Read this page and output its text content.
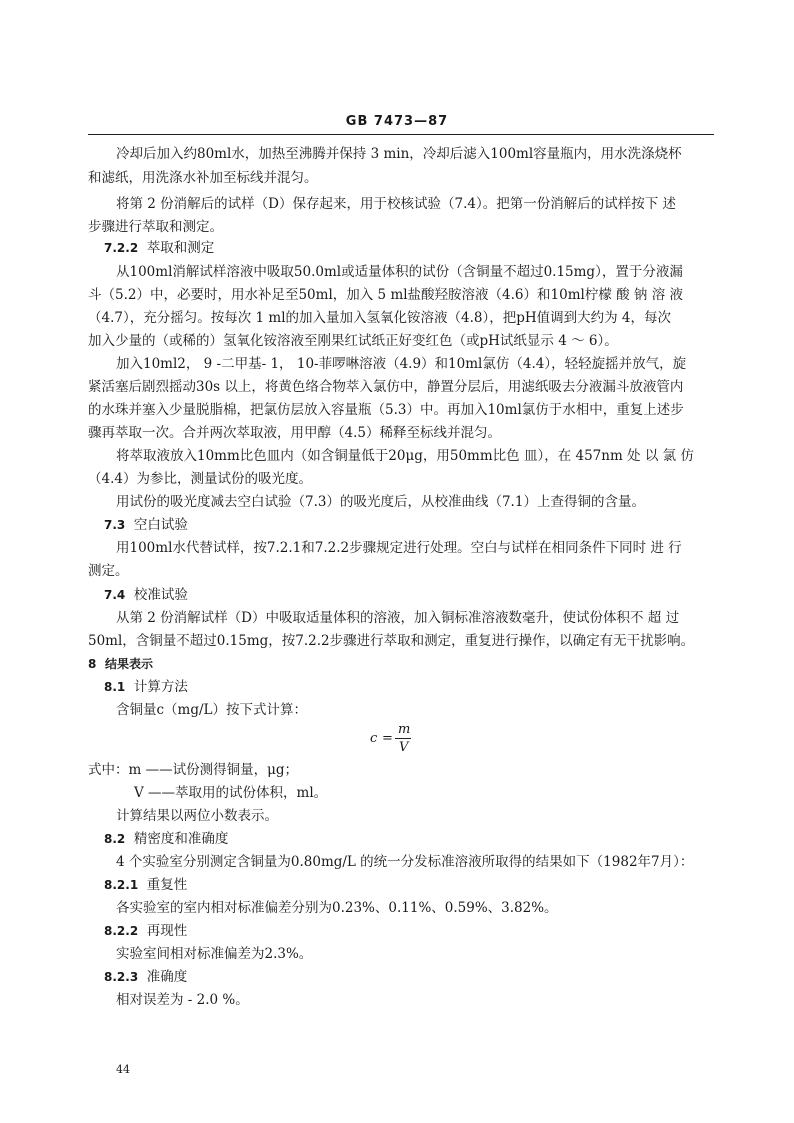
GB 7473—87
冷却后加入约80ml水，加热至沸腾并保持 3 min，冷却后滤入100ml容量瓶内，用水洗涤烧杯
和滤纸，用洗涤水补加至标线并混匀。
将第 2 份消解后的试样（D）保存起来，用于校核试验（7.4）。把第一份消解后的试样按下 述
步骤进行萃取和测定。
7.2.2 萃取和测定
从100ml消解试样溶液中吸取50.0ml或适量体积的试份（含铜量不超过0.15mg），置于分液漏
斗（5.2）中，必要时，用水补足至50ml，加入 5 ml盐酸羟胺溶液（4.6）和10ml柠檬 酸 钠 溶 液
（4.7），充分摇匀。按每次 1 ml的加入量加入氢氧化铵溶液（4.8），把pH值调到大约为 4，每次
加入少量的（或稀的）氢氧化铵溶液至刚果红试纸正好变红色（或pH试纸显示 4 ～ 6）。
加入10ml2， 9 -二甲基- 1， 10-菲啰啉溶液（4.9）和10ml氯仿（4.4），轻轻旋摇并放气，旋
紧活塞后剧烈摇动30s 以上，将黄色络合物萃入氯仿中，静置分层后，用滤纸吸去分液漏斗放液管内
的水珠并塞入少量脱脂棉，把氯仿层放入容量瓶（5.3）中。再加入10ml氯仿于水相中，重复上述步
骤再萃取一次。合并两次萃取液，用甲醇（4.5）稀释至标线并混匀。
将萃取液放入10mm比色皿内（如含铜量低于20μg，用50mm比色 皿），在 457nm 处 以 氯 仿
（4.4）为参比，测量试份的吸光度。
用试份的吸光度减去空白试验（7.3）的吸光度后，从校准曲线（7.1）上查得铜的含量。
7.3 空白试验
用100ml水代替试样，按7.2.1和7.2.2步骤规定进行处理。空白与试样在相同条件下同时 进 行
测定。
7.4 校准试验
从第 2 份消解试样（D）中吸取适量体积的溶液，加入铜标准溶液数毫升，使试份体积不 超 过
50ml，含铜量不超过0.15mg，按7.2.2步骤进行萃取和测定，重复进行操作，以确定有无干扰影响。
8 结果表示
8.1 计算方法
含铜量c（mg/L）按下式计算：
c =
m
V
式中：m ——试份测得铜量，μg；
V ——萃取用的试份体积，ml。
计算结果以两位小数表示。
8.2 精密度和准确度
4 个实验室分别测定含铜量为0.80mg/L 的统一分发标准溶液所取得的结果如下（1982年7月）：
8.2.1 重复性
各实验室的室内相对标准偏差分别为0.23%、0.11%、0.59%、3.82%。
8.2.2 再现性
实验室间相对标准偏差为2.3%。
8.2.3 准确度
相对误差为 - 2.0 %。
44
